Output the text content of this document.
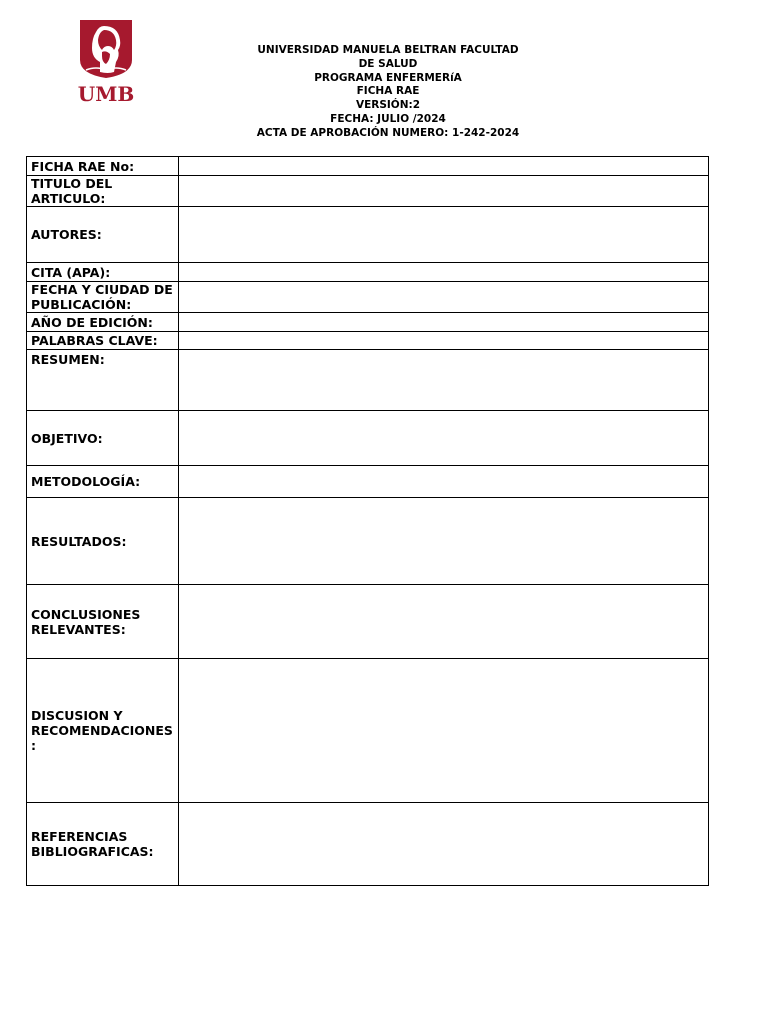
UMB
UNIVERSIDAD MANUELA BELTRAN FACULTAD DE SALUD
PROGRAMA ENFERMERíA
FICHA RAE
VERSIÓN:2
FECHA: JULIO /2024
ACTA DE APROBACIÓN NUMERO: 1-242-2024
FICHA RAE No:	
TITULO DEL ARTICULO:	
AUTORES:	
CITA (APA):	
FECHA Y CIUDAD DE PUBLICACIÓN:	
AÑO DE EDICIÓN:	
PALABRAS CLAVE:	
RESUMEN:	
OBJETIVO:	
METODOLOGÍA:	
RESULTADOS:	
CONCLUSIONES RELEVANTES:	
DISCUSION Y RECOMENDACIONES:	
REFERENCIAS BIBLIOGRAFICAS:	
